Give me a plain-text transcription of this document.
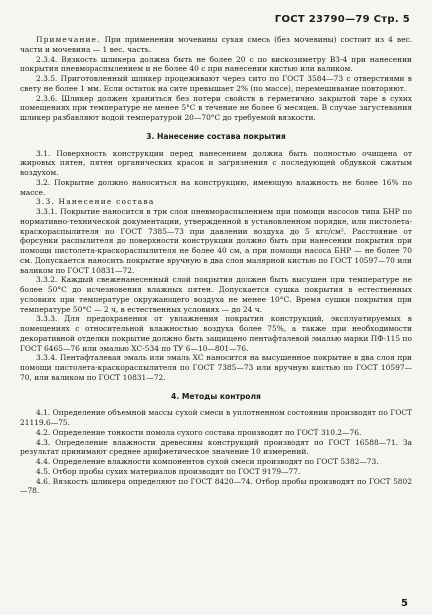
ГОСТ 23790—79 Стр. 5

Примечание. При применении мочевины сухая смесь (без мочевины) состоит из 4 вес. части и мочевина — 1 вес. часть.

2.3.4. Вязкость шликера должна быть не более 20 с по вискозиметру ВЗ-4 при нанесении покрытия пневмораспылением и не более 40 с при нанесении кистью или валиком.

2.3.5. Приготовленный шликер процеживают через сито по ГОСТ 3584—73 с отверстиями в свету не более 1 мм. Если остаток на сите превышает 2% (по массе), перемешивание повторяют.

2.3.6. Шликер должен храниться без потери свойств в герметично закрытой таре в сухих помещениях при температуре не менее 5°С в течение не более 6 месяцев. В случае загустевания шликер разбавляют водой температурой 20—70°С до требуемой вязкости.

3. Нанесение состава покрытия

3.1. Поверхность конструкции перед нанесением должна быть полностью очищена от жировых пятен, пятен органических красок и загрязнения с последующей обдувкой сжатым воздухом.

3.2. Покрытие должно наноситься на конструкцию, имеющую влажность не более 16% по массе.

3.3. Нанесение состава

3.3.1. Покрытие наносится в три слоя пневмораспылением при помощи насосов типа БНР по нормативно-технической документации, утвержденной в установленном порядке, или пистолета-краскораспылителя по ГОСТ 7385—73 при давлении воздуха до 5 кгс/см². Расстояние от форсунки распылителя до поверхности конструкции должно быть при нанесении покрытия при помощи пистолета-краскораспылителя не более 40 см, а при помощи насоса БНР — не более 70 см. Допускается наносить покрытие вручную в два слоя малярной кистью по ГОСТ 10597—70 или валиком по ГОСТ 10831—72.

3.3.2. Каждый свеженанесенный слой покрытия должен быть высушен при температуре не более 50°С до исчезновения влажных пятен. Допускается сушка покрытия в естественных условиях при температуре окружающего воздуха не менее 10°С. Время сушки покрытия при температуре 50°С — 2 ч, в естественных условиях — до 24 ч.

3.3.3. Для предохранения от увлажнения покрытия конструкций, эксплуатируемых в помещениях с относительной влажностью воздуха более 75%, а также при необходимости декоративной отделки покрытие должно быть защищено пентафталевой эмалью марки ПФ-115 по ГОСТ 6465—76 или эмалью ХС-534 по ТУ 6—10—801—76.

3.3.4. Пентафталевая эмаль или эмаль ХС наносится на высушенное покрытие в два слоя при помощи пистолета-краскораспылителя по ГОСТ 7385—73 или вручную кистью по ГОСТ 10597—70, или валиком по ГОСТ 10831—72.

4. Методы контроля

4.1. Определение объемной массы сухой смеси в уплотненном состоянии производят по ГОСТ 21119.6—75.

4.2. Определение тонкости помола сухого состава производят по ГОСТ 310.2—76.

4.3. Определение влажности древесины конструкций производят по ГОСТ 16588—71. За результат принимают среднее арифметическое значение 10 измерений.

4.4. Определение влажности компонентов сухой смеси производят по ГОСТ 5382—73.

4.5. Отбор пробы сухих материалов производят по ГОСТ 9179—77.

4.6. Вязкость шликера определяют по ГОСТ 8420—74. Отбор пробы производят по ГОСТ 5802—78.

5
